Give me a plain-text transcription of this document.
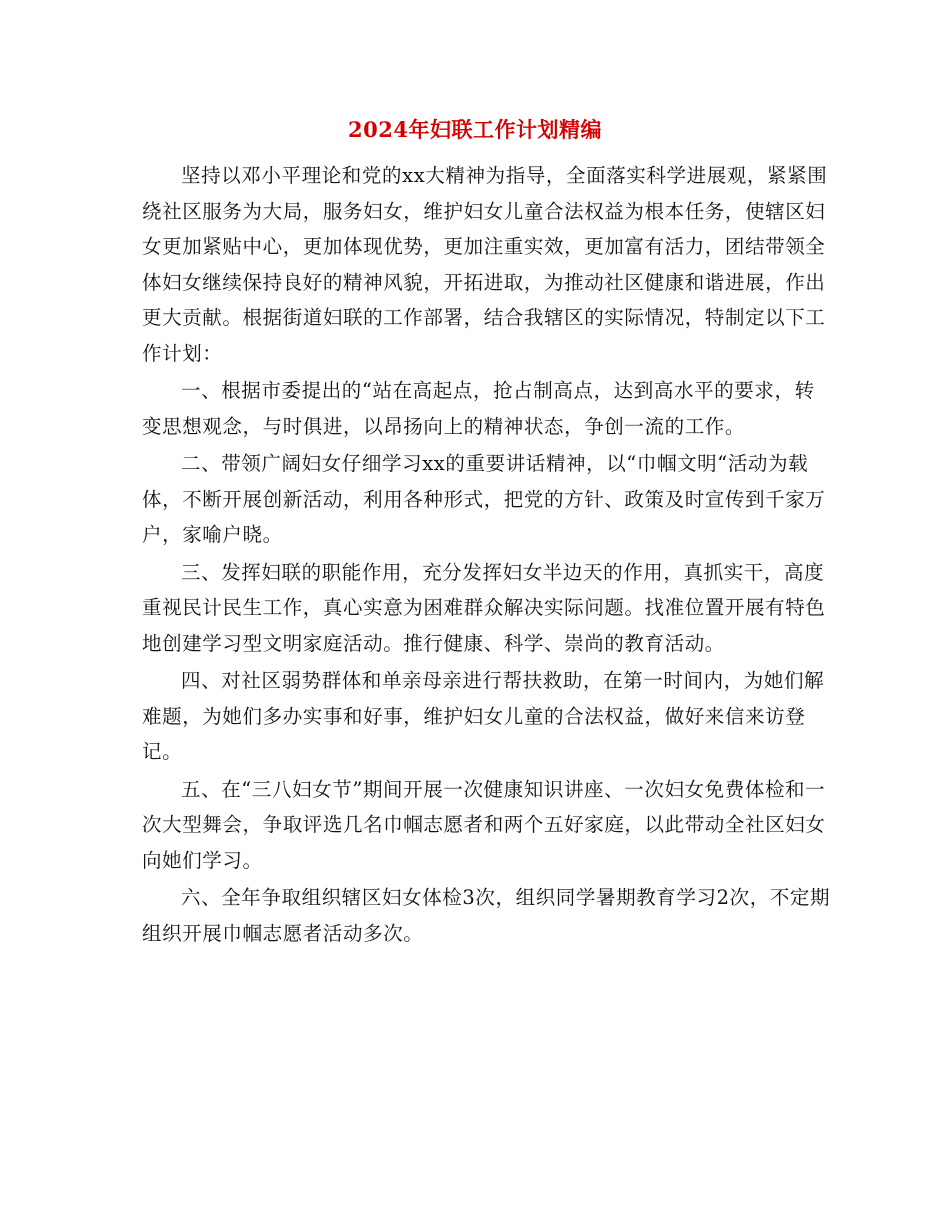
2024年妇联工作计划精编

坚持以邓小平理论和党的xx大精神为指导，全面落实科学进展观，紧紧围绕社区服务为大局，服务妇女，维护妇女儿童合法权益为根本任务，使辖区妇女更加紧贴中心，更加体现优势，更加注重实效，更加富有活力，团结带领全体妇女继续保持良好的精神风貌，开拓进取，为推动社区健康和谐进展，作出更大贡献。根据街道妇联的工作部署，结合我辖区的实际情况，特制定以下工作计划：

一、根据市委提出的“站在高起点，抢占制高点，达到高水平的要求，转变思想观念，与时俱进，以昂扬向上的精神状态，争创一流的工作。

二、带领广阔妇女仔细学习xx的重要讲话精神，以“巾帼文明“活动为载体，不断开展创新活动，利用各种形式，把党的方针、政策及时宣传到千家万户，家喻户晓。

三、发挥妇联的职能作用，充分发挥妇女半边天的作用，真抓实干，高度重视民计民生工作，真心实意为困难群众解决实际问题。找准位置开展有特色地创建学习型文明家庭活动。推行健康、科学、崇尚的教育活动。

四、对社区弱势群体和单亲母亲进行帮扶救助，在第一时间内，为她们解难题，为她们多办实事和好事，维护妇女儿童的合法权益，做好来信来访登记。

五、在“三八妇女节”期间开展一次健康知识讲座、一次妇女免费体检和一次大型舞会，争取评选几名巾帼志愿者和两个五好家庭，以此带动全社区妇女向她们学习。

六、全年争取组织辖区妇女体检3次，组织同学暑期教育学习2次，不定期组织开展巾帼志愿者活动多次。
